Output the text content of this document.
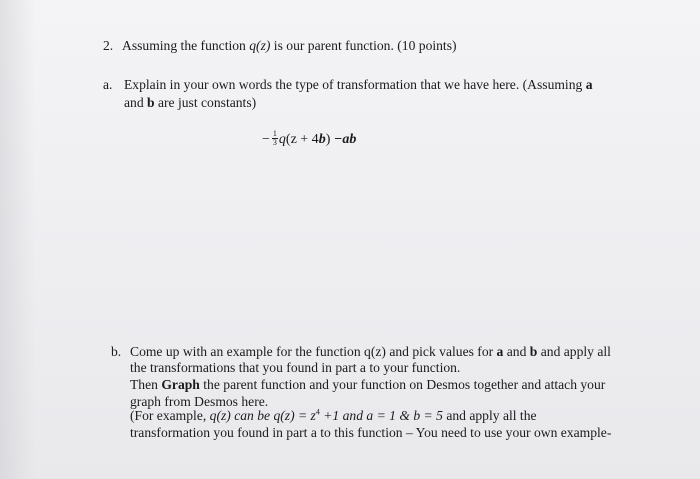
2. Assuming the function q(z) is our parent function. (10 points)
a. Explain in your own words the type of transformation that we have here. (Assuming a
and b are just constants)
− $\frac{1}{3}$ q (z + 4 b ) −ab
b. Come up with an example for the function q(z) and pick values for a and b and apply all
the transformations that you found in part a to your function.
Then Graph the parent function and your function on Desmos together and attach your
graph from Desmos here.
(For example, q(z) can be $q(z) = z^4 +1$ and a = 1 & b = 5 and apply all the
transformation you found in part a to this function – You need to use your own example-
